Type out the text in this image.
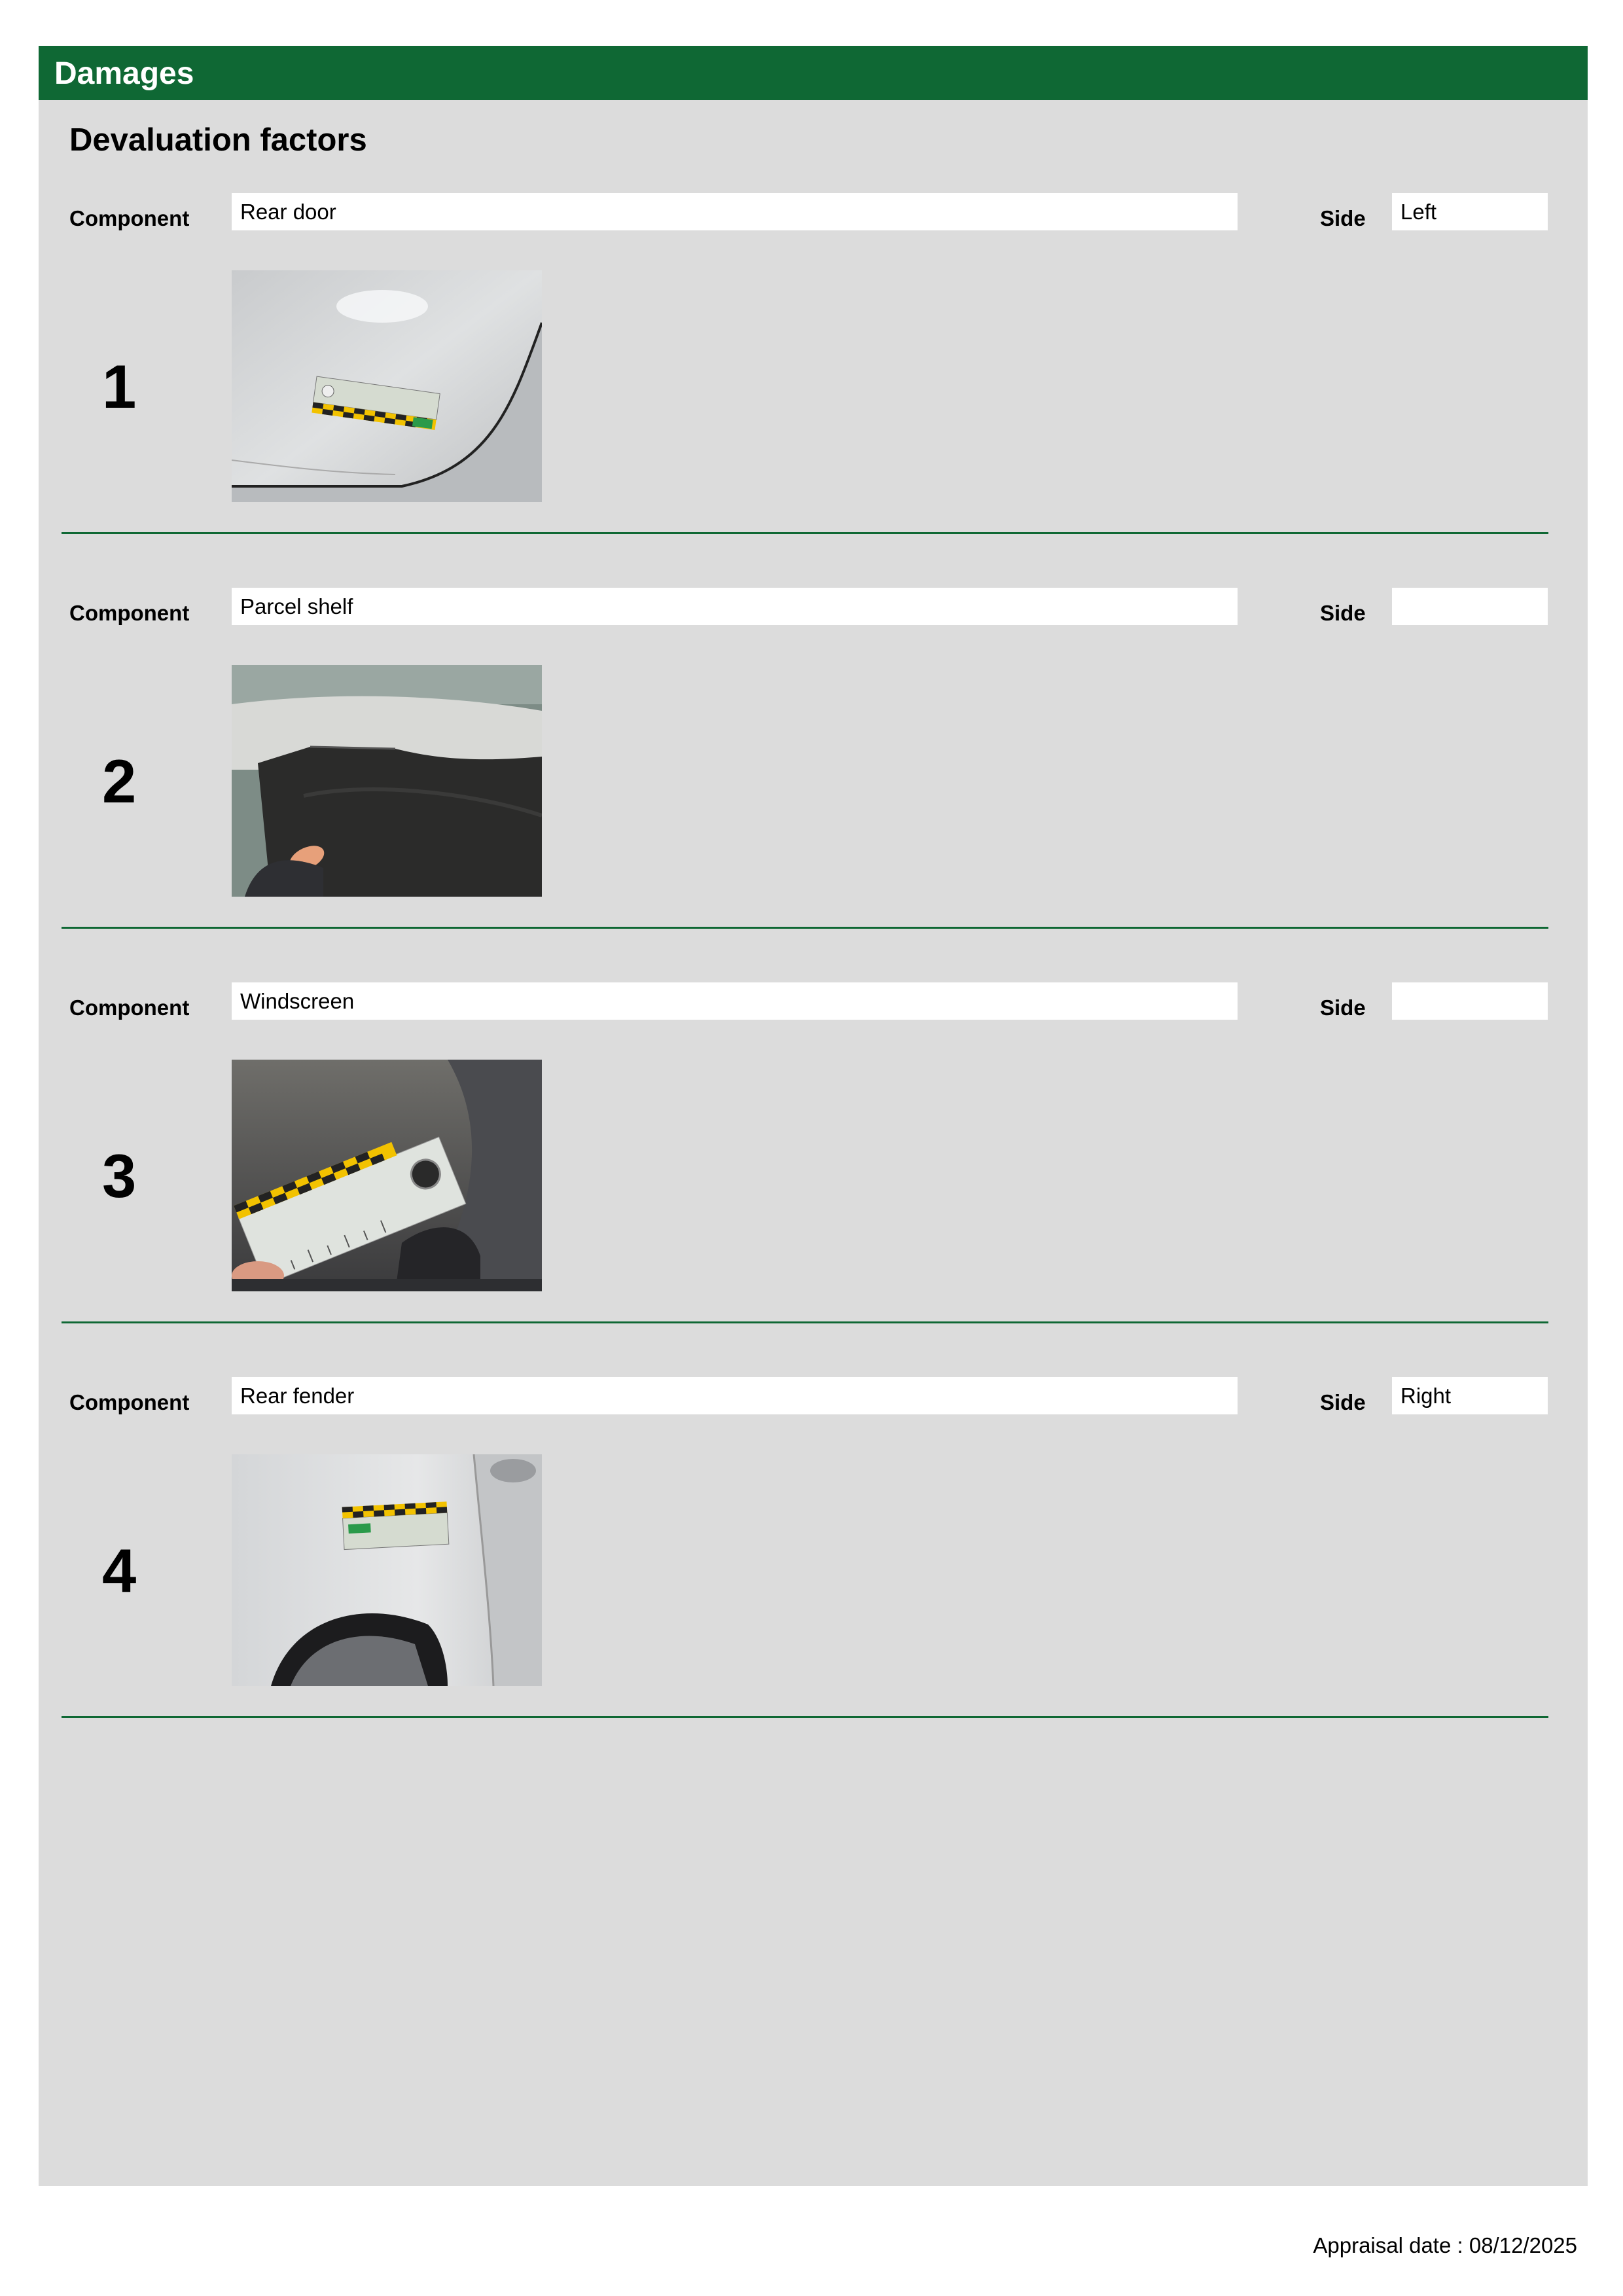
Damages
Devaluation factors
Component	Rear door	Side	Left
1
Component	Parcel shelf	Side
2
Component	Windscreen	Side
3
Component	Rear fender	Side	Right
4
Appraisal date : 08/12/2025
